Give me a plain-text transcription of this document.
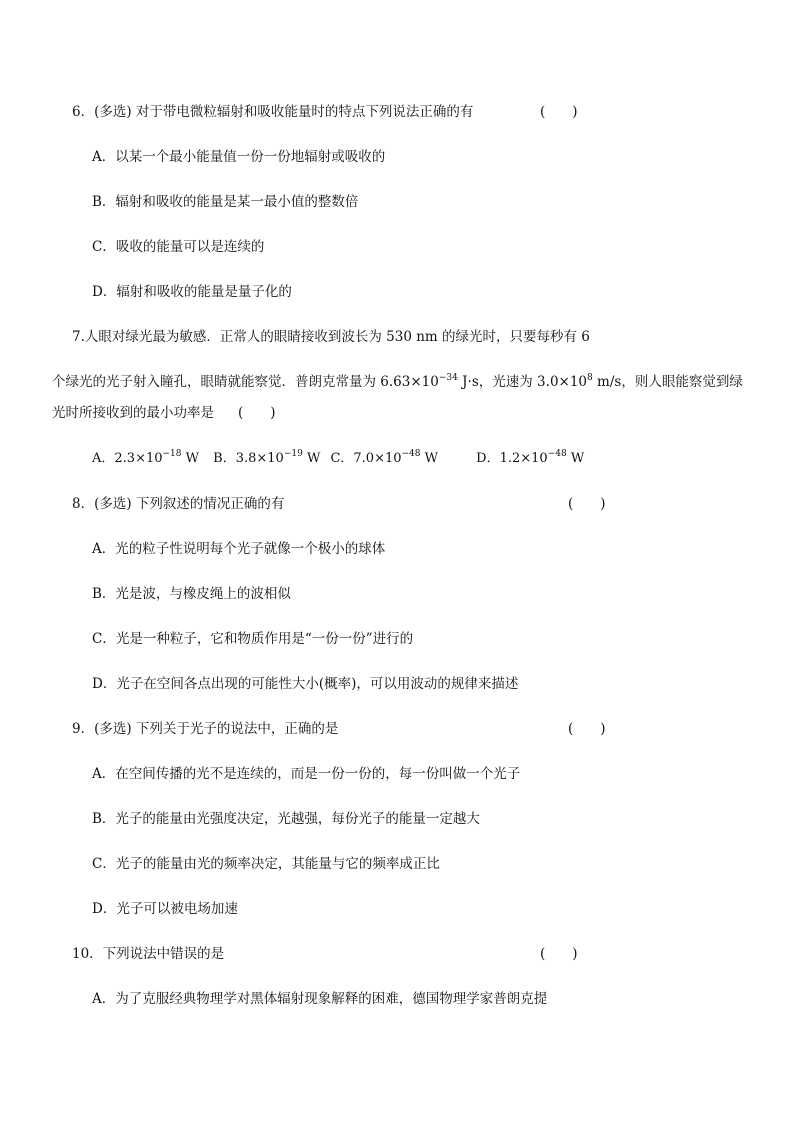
6．(多选) 对于带电微粒辐射和吸收能量时的特点下列说法正确的有	(　　)
A．以某一个最小能量值一份一份地辐射或吸收的
B．辐射和吸收的能量是某一最小值的整数倍
C．吸收的能量可以是连续的
D．辐射和吸收的能量是量子化的
7.人眼对绿光最为敏感．正常人的眼睛接收到波长为 530 nm 的绿光时，只要每秒有 6
个绿光的光子射入瞳孔，眼睛就能察觉．普朗克常量为 $6.63\times 10^{-34}$ J·s，光速为 $3.0\times 10^8$ m/s，则人眼能察觉到绿
光时所接收到的最小功率是 (　　)
A．$2.3\times 10^{-18}$ W B．$3.8\times 10^{-19}$ W C．$7.0\times 10^{-48}$ W	D．$1.2\times 10^{-48}$ W
8．(多选) 下列叙述的情况正确的有	(　　)
A．光的粒子性说明每个光子就像一个极小的球体
B．光是波，与橡皮绳上的波相似
C．光是一种粒子，它和物质作用是“一份一份”进行的
D．光子在空间各点出现的可能性大小(概率)，可以用波动的规律来描述
9．(多选) 下列关于光子的说法中，正确的是	(　　)
A．在空间传播的光不是连续的，而是一份一份的，每一份叫做一个光子
B．光子的能量由光强度决定，光越强，每份光子的能量一定越大
C．光子的能量由光的频率决定，其能量与它的频率成正比
D．光子可以被电场加速
10．下列说法中错误的是	(　　)
A．为了克服经典物理学对黑体辐射现象解释的困难，德国物理学家普朗克提
